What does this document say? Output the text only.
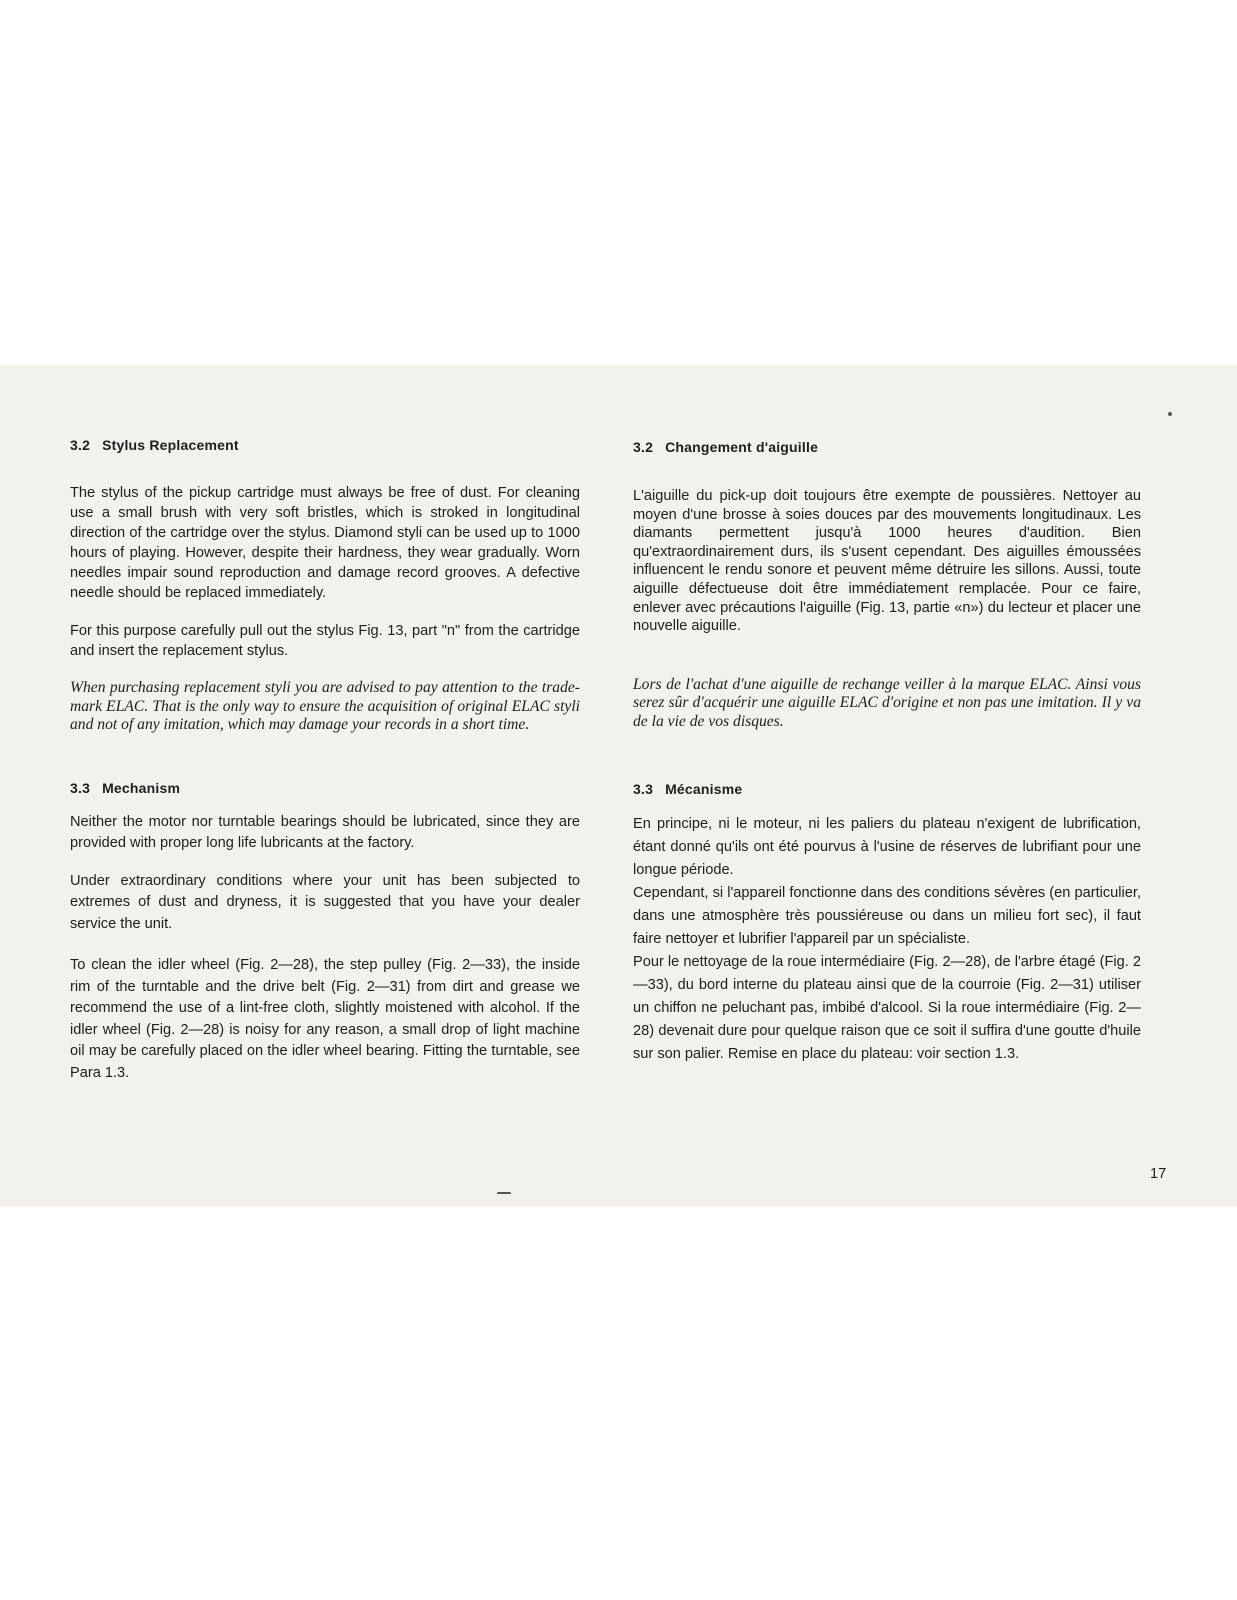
3.2 Stylus Replacement

The stylus of the pickup cartridge must always be free of dust. For cleaning use a small brush with very soft bristles, which is stroked in longitudinal direction of the cartridge over the stylus. Diamond styli can be used up to 1000 hours of playing. However, despite their hardness, they wear gradually. Worn needles impair sound reproduction and damage record grooves. A defective needle should be replaced immediately.

For this purpose carefully pull out the stylus Fig. 13, part "n" from the cartridge and insert the replacement stylus.

When purchasing replacement styli you are advised to pay attention to the trade-mark ELAC. That is the only way to ensure the acquisition of original ELAC styli and not of any imitation, which may damage your records in a short time.

3.3 Mechanism

Neither the motor nor turntable bearings should be lubricated, since they are provided with proper long life lubricants at the factory.

Under extraordinary conditions where your unit has been subjected to extremes of dust and dryness, it is suggested that you have your dealer service the unit.

To clean the idler wheel (Fig. 2—28), the step pulley (Fig. 2—33), the inside rim of the turntable and the drive belt (Fig. 2—31) from dirt and grease we recommend the use of a lint-free cloth, slightly moistened with alcohol. If the idler wheel (Fig. 2—28) is noisy for any reason, a small drop of light machine oil may be carefully placed on the idler wheel bearing. Fitting the turntable, see Para 1.3.

3.2 Changement d'aiguille

L'aiguille du pick-up doit toujours être exempte de poussières. Nettoyer au moyen d'une brosse à soies douces par des mouvements longitudinaux. Les diamants permettent jusqu'à 1000 heures d'audition. Bien qu'extraordinairement durs, ils s'usent cependant. Des aiguilles émoussées influencent le rendu sonore et peuvent même détruire les sillons. Aussi, toute aiguille défectueuse doit être immédiatement remplacée. Pour ce faire, enlever avec précautions l'aiguille (Fig. 13, partie «n») du lecteur et placer une nouvelle aiguille.

Lors de l'achat d'une aiguille de rechange veiller à la marque ELAC. Ainsi vous serez sûr d'acquérir une aiguille ELAC d'origine et non pas une imitation. Il y va de la vie de vos disques.

3.3 Mécanisme

En principe, ni le moteur, ni les paliers du plateau n'exigent de lubrification, étant donné qu'ils ont été pourvus à l'usine de réserves de lubrifiant pour une longue période.

Cependant, si l'appareil fonctionne dans des conditions sévères (en particulier, dans une atmosphère très poussiéreuse ou dans un milieu fort sec), il faut faire nettoyer et lubrifier l'appareil par un spécialiste.

Pour le nettoyage de la roue intermédiaire (Fig. 2—28), de l'arbre étagé (Fig. 2—33), du bord interne du plateau ainsi que de la courroie (Fig. 2—31) utiliser un chiffon ne peluchant pas, imbibé d'alcool. Si la roue intermédiaire (Fig. 2—28) devenait dure pour quelque raison que ce soit il suffira d'une goutte d'huile sur son palier. Remise en place du plateau: voir section 1.3.

17
